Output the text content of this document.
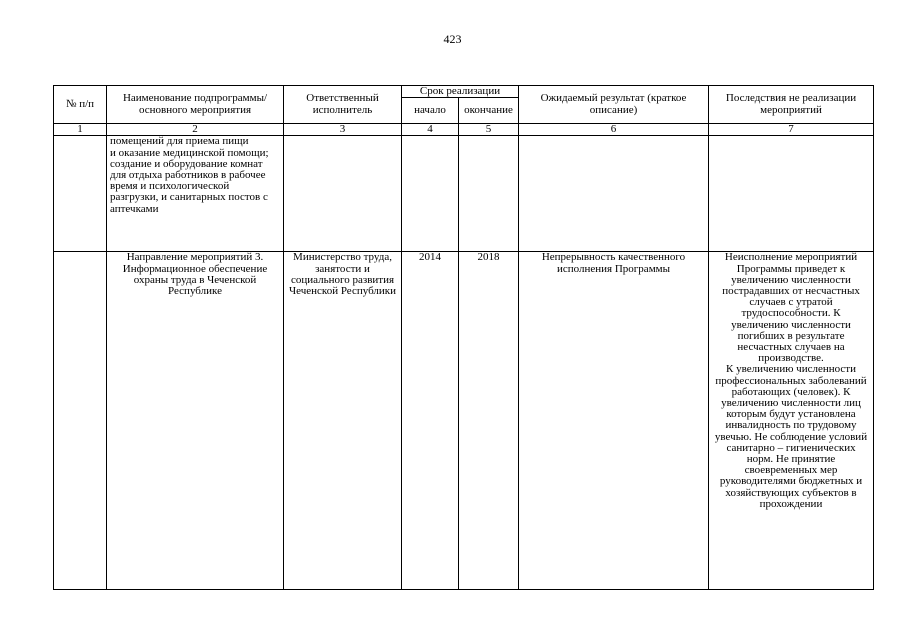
423
№ п/п	Наименование подпрограммы/ основного мероприятия	Ответственный исполнитель	Срок реализации		Ожидаемый результат (краткое описание)	Последствия не реализации мероприятий
			начало	окончание		
1	2	3	4	5	6	7
	помещений для приема пищи
и оказание медицинской помощи;
создание и оборудование комнат для отдыха работников в рабочее время и психологической разгрузки, и санитарных постов с аптечками					
	Направление мероприятий 3. Информационное обеспечение охраны труда в Чеченской Республике	Министерство труда, занятости и социального развития Чеченской Республики	2014	2018	Непрерывность качественного исполнения Программы	Неисполнение мероприятий Программы приведет к увеличению численности пострадавших от несчастных случаев с утратой трудоспособности. К увеличению численности погибших в результате несчастных случаев на производстве.
К увеличению численности профессиональных заболеваний работающих (человек). К увеличению численности лиц которым будут установлена инвалидность по трудовому увечью. Не соблюдение условий санитарно – гигиенических норм. Не принятие своевременных мер руководителями бюджетных и хозяйствующих субъектов в прохождении
